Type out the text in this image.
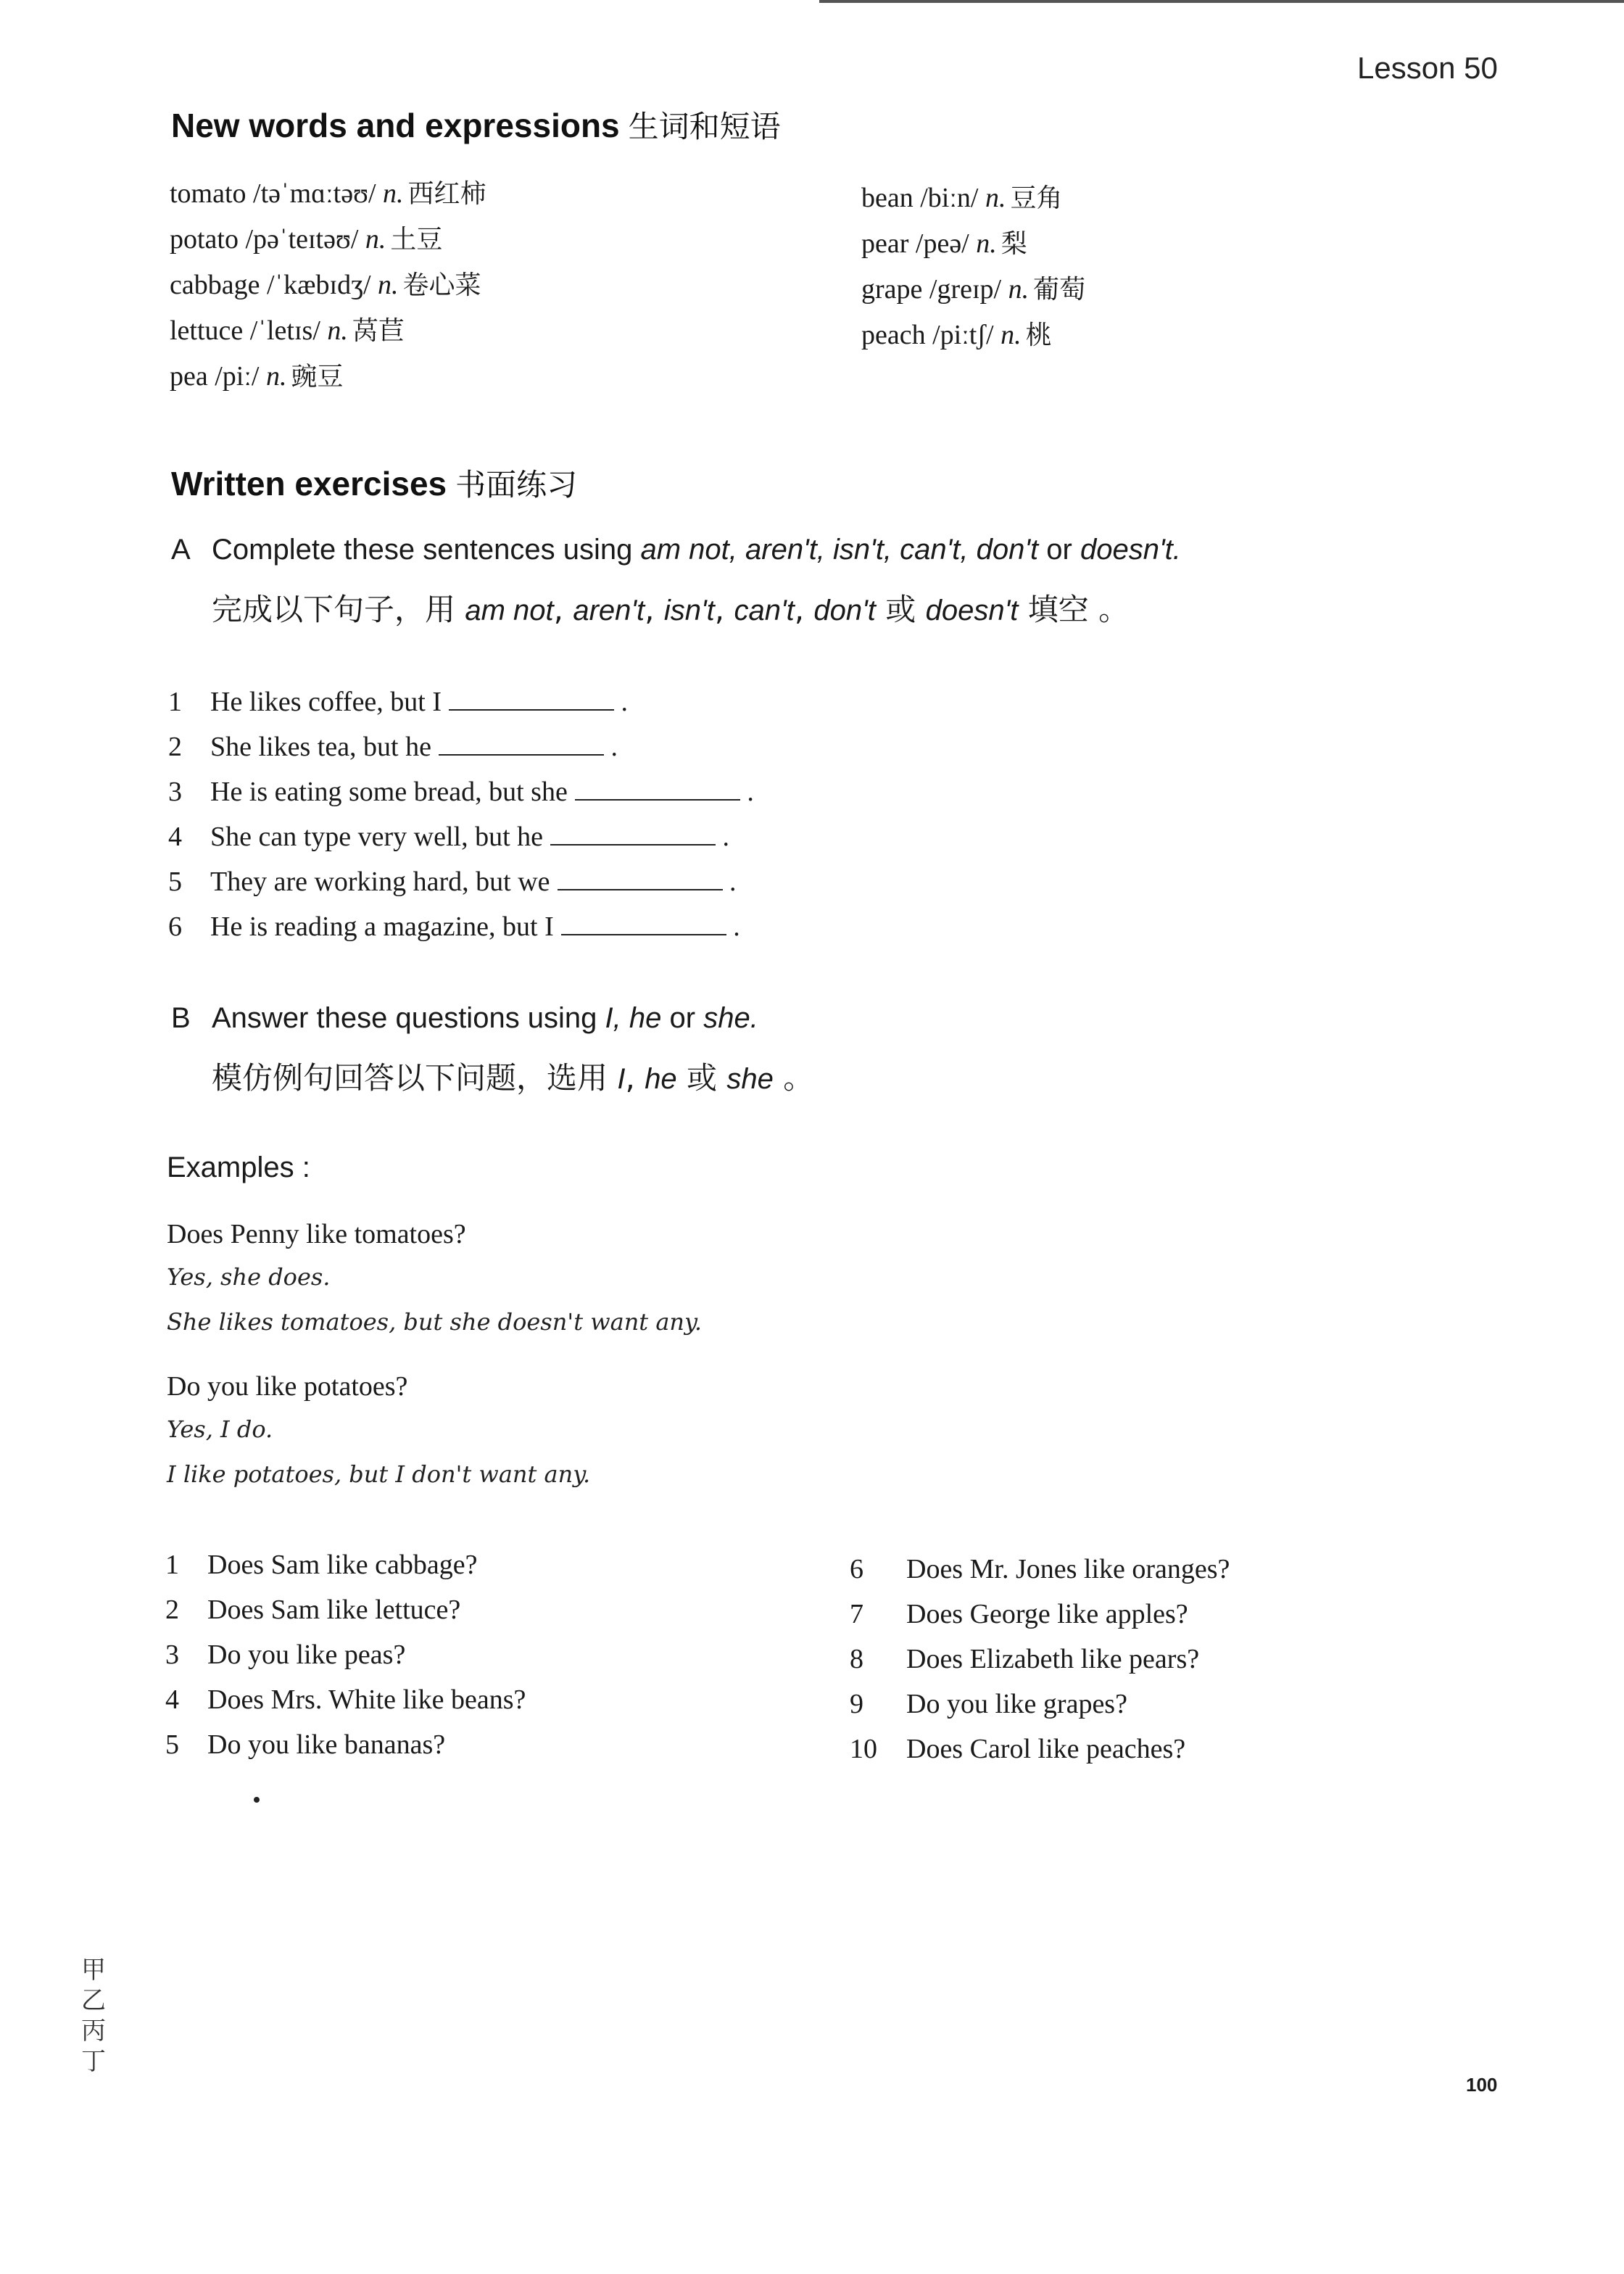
Lesson 50
New words and expressions 生词和短语
tomato /təˈmɑːtəʊ/ n. 西红柿
potato /pəˈteɪtəʊ/ n. 土豆
cabbage /ˈkæbɪdʒ/ n. 卷心菜
lettuce /ˈletɪs/ n. 莴苣
pea /piː/ n. 豌豆
bean /biːn/ n. 豆角
pear /peə/ n. 梨
grape /greɪp/ n. 葡萄
peach /piːtʃ/ n. 桃
Written exercises 书面练习
A Complete these sentences using am not, aren't, isn't, can't, don't or doesn't.
完成以下句子，用 am not, aren't, isn't, can't, don't 或 doesn't 填空 。
1 He likes coffee, but I	.
2 She likes tea, but he	.
3 He is eating some bread, but she	.
4 She can type very well, but he	.
5 They are working hard, but we	.
6 He is reading a magazine, but I	.
B Answer these questions using I, he or she.
模仿例句回答以下问题，选用 I, he 或 she 。
Examples :
Does Penny like tomatoes?
Yes, she does.
She likes tomatoes, but she doesn't want any.
Do you like potatoes?
Yes, I do.
I like potatoes, but I don't want any.
1 Does Sam like cabbage?
2 Does Sam like lettuce?
3 Do you like peas?
4 Does Mrs. White like beans?
5 Do you like bananas?
6 Does Mr. Jones like oranges?
7 Does George like apples?
8 Does Elizabeth like pears?
9 Do you like grapes?
10 Does Carol like peaches?
甲
乙
丙
丁
100
